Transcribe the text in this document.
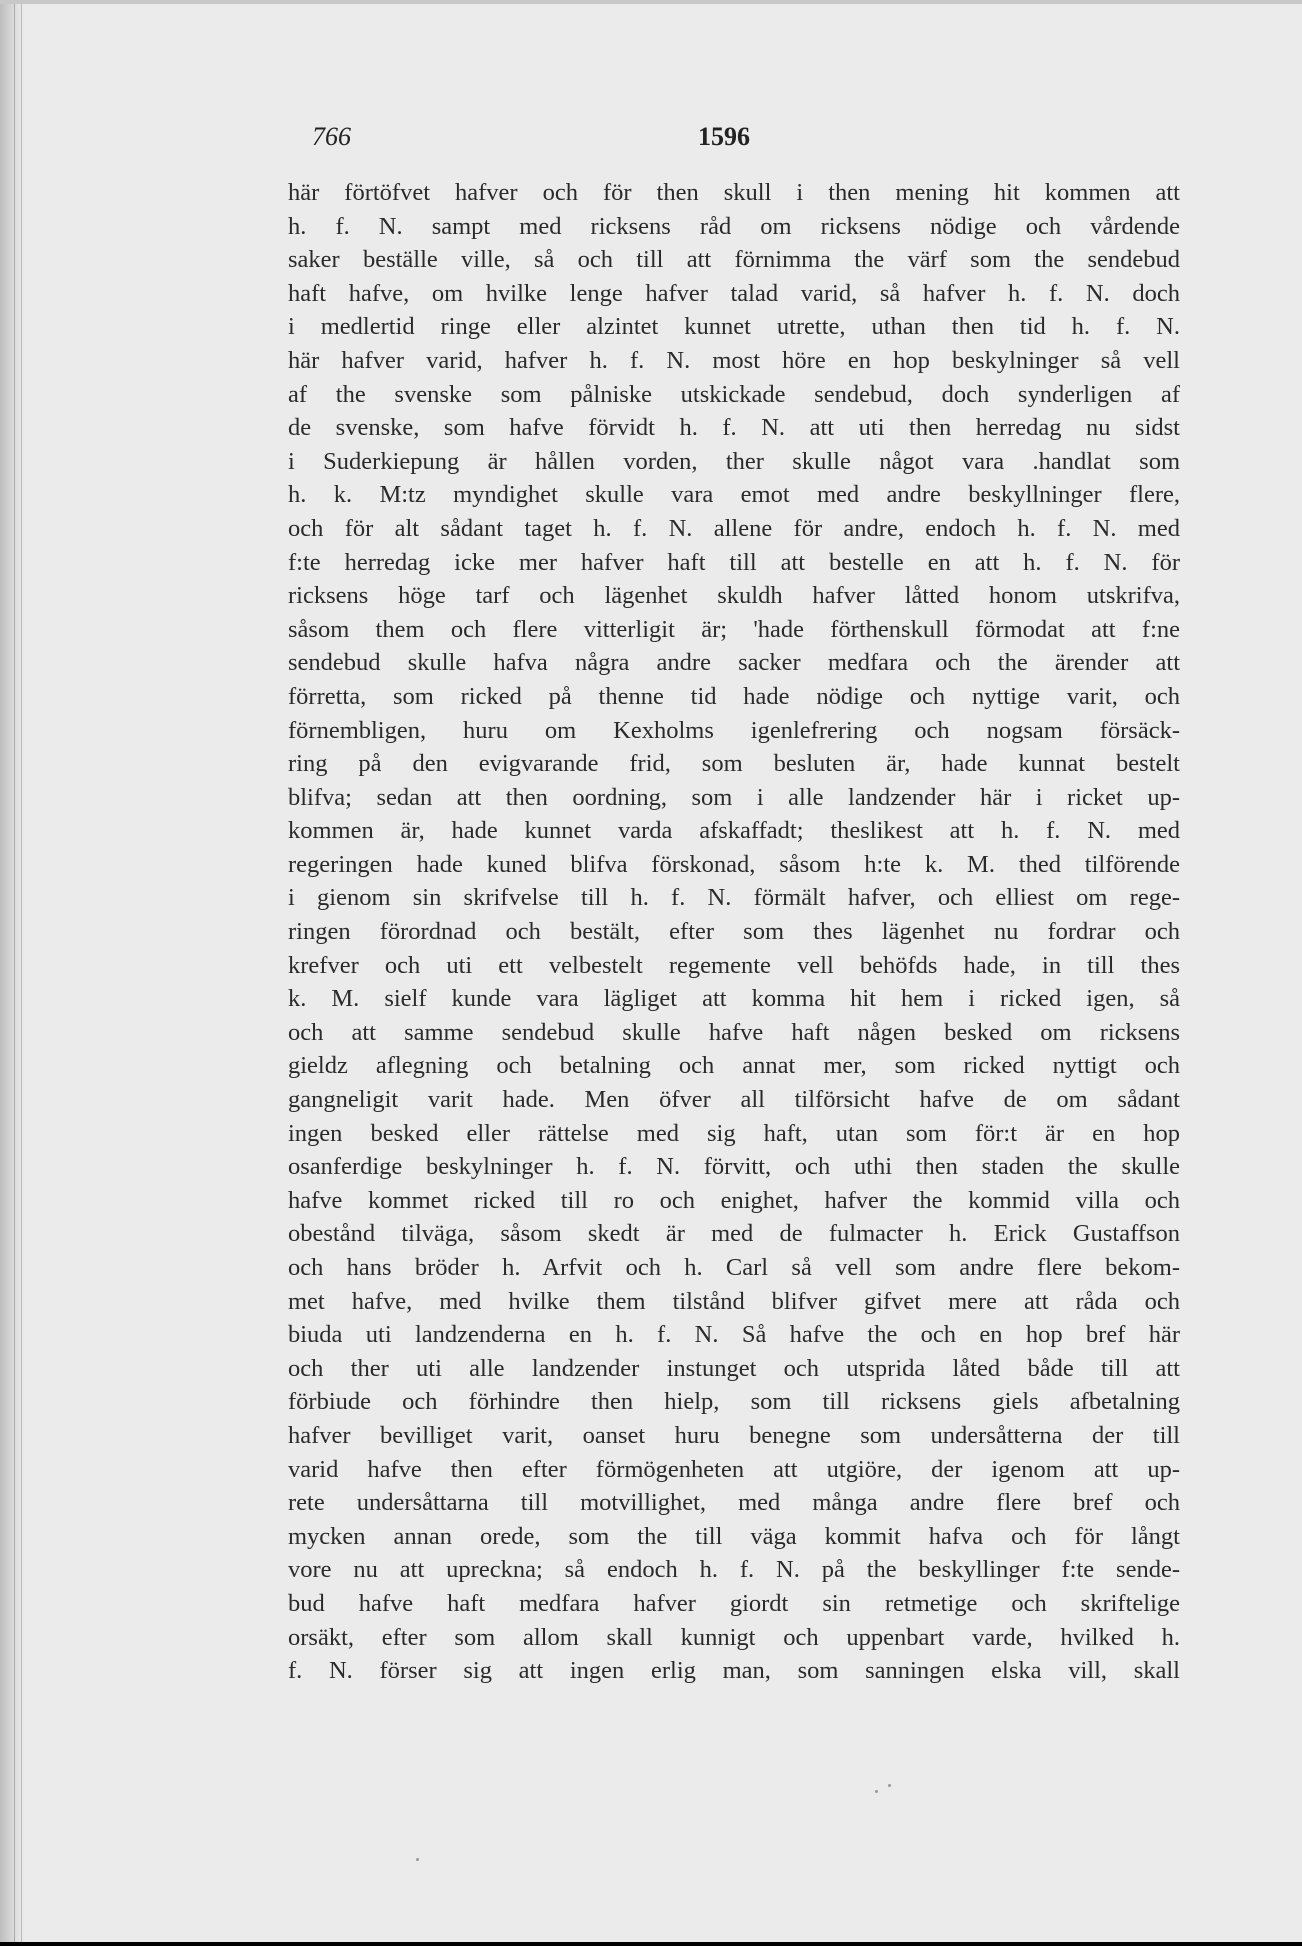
766	1596

här förtöfvet hafver och för then skull i then mening hit kommen att
h. f. N. sampt med ricksens råd om ricksens nödige och vårdende
saker beställe ville, så och till att förnimma the värf som the sendebud
haft hafve, om hvilke lenge hafver talad varid, så hafver h. f. N. doch
i medlertid ringe eller alzintet kunnet utrette, uthan then tid h. f. N.
här hafver varid, hafver h. f. N. most höre en hop beskylninger så vell
af the svenske som pålniske utskickade sendebud, doch synderligen af
de svenske, som hafve förvidt h. f. N. att uti then herredag nu sidst
i Suderkiepung är hållen vorden, ther skulle något vara .handlat som
h. k. M:tz myndighet skulle vara emot med andre beskyllninger flere,
och för alt sådant taget h. f. N. allene för andre, endoch h. f. N. med
f:te herredag icke mer hafver haft till att bestelle en att h. f. N. för
ricksens höge tarf och lägenhet skuldh hafver låtted honom utskrifva,
såsom them och flere vitterligit är; 'hade förthenskull förmodat att f:ne
sendebud skulle hafva några andre sacker medfara och the ärender att
förretta, som ricked på thenne tid hade nödige och nyttige varit, och
förnembligen, huru om Kexholms igenlefrering och nogsam försäck-
ring på den evigvarande frid, som besluten är, hade kunnat bestelt
blifva; sedan att then oordning, som i alle landzender här i ricket up-
kommen är, hade kunnet varda afskaffadt; theslikest att h. f. N. med
regeringen hade kuned blifva förskonad, såsom h:te k. M. thed tilförende
i gienom sin skrifvelse till h. f. N. förmält hafver, och elliest om rege-
ringen förordnad och bestält, efter som thes lägenhet nu fordrar och
krefver och uti ett velbestelt regemente vell behöfds hade, in till thes
k. M. sielf kunde vara lägliget att komma hit hem i ricked igen, så
och att samme sendebud skulle hafve haft någen besked om ricksens
gieldz aflegning och betalning och annat mer, som ricked nyttigt och
gangneligit varit hade. Men öfver all tilförsicht hafve de om sådant
ingen besked eller rättelse med sig haft, utan som för:t är en hop
osanferdige beskylninger h. f. N. förvitt, och uthi then staden the skulle
hafve kommet ricked till ro och enighet, hafver the kommid villa och
obestånd tilväga, såsom skedt är med de fulmacter h. Erick Gustaffson
och hans bröder h. Arfvit och h. Carl så vell som andre flere bekom-
met hafve, med hvilke them tilstånd blifver gifvet mere att råda och
biuda uti landzenderna en h. f. N. Så hafve the och en hop bref här
och ther uti alle landzender instunget och utsprida låted både till att
förbiude och förhindre then hielp, som till ricksens giels afbetalning
hafver bevilliget varit, oanset huru benegne som undersåtterna der till
varid hafve then efter förmögenheten att utgiöre, der igenom att up-
rete undersåttarna till motvillighet, med många andre flere bref och
mycken annan orede, som the till väga kommit hafva och för långt
vore nu att upreckna; så endoch h. f. N. på the beskyllinger f:te sende-
bud hafve haft medfara hafver giordt sin retmetige och skriftelige
orsäkt, efter som allom skall kunnigt och uppenbart varde, hvilked h.
f. N. förser sig att ingen erlig man, som sanningen elska vill, skall
